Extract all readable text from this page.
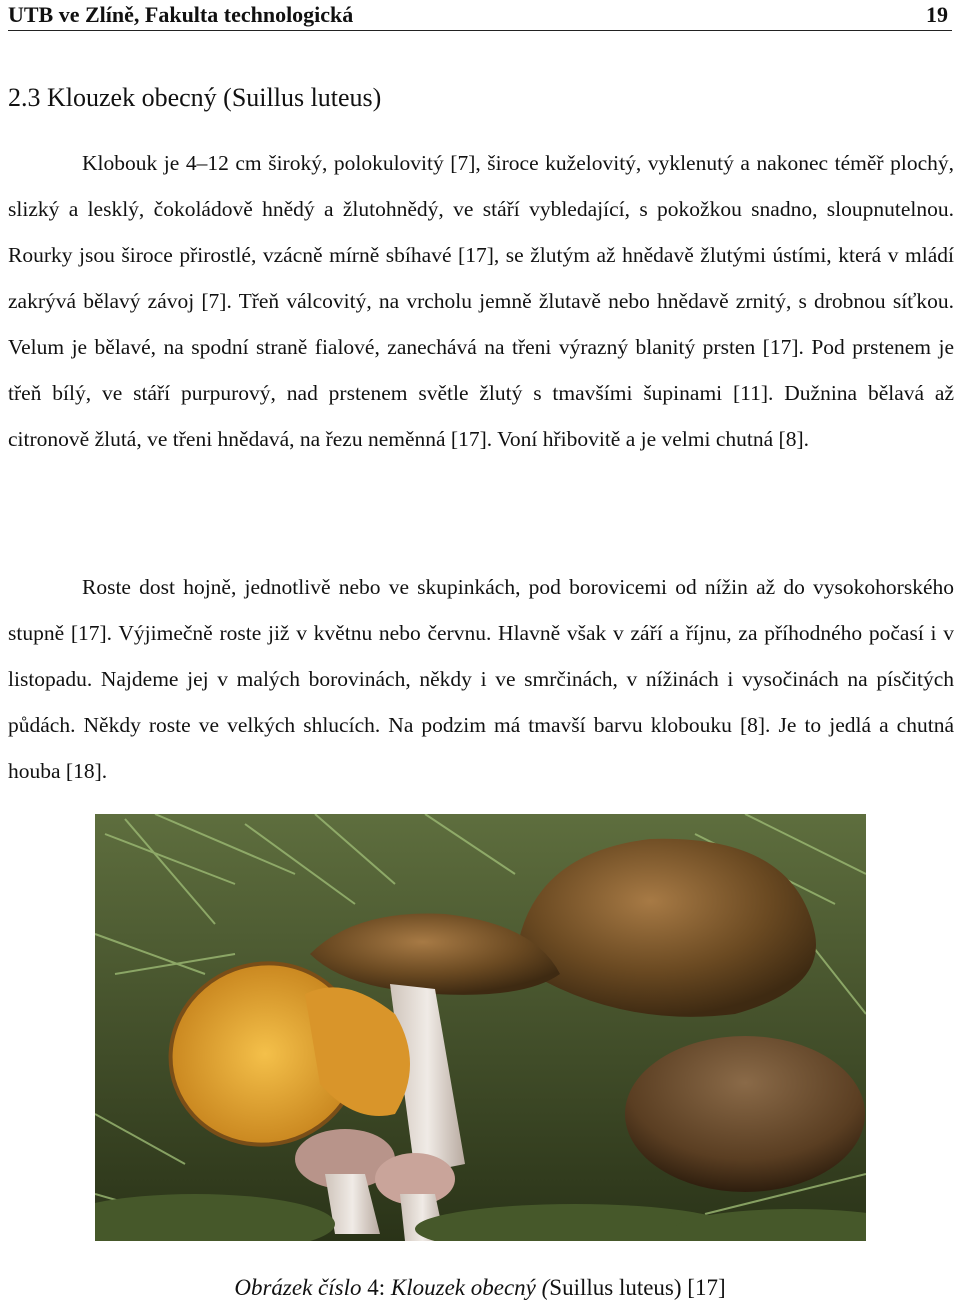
UTB ve Zlíně, Fakulta technologická	19
2.3 Klouzek obecný (Suillus luteus)

Klobouk je 4–12 cm široký, polokulovitý [7], široce kuželovitý, vyklenutý a nakonec téměř plochý, slizký a lesklý, čokoládově hnědý a žlutohnědý, ve stáří vybledající, s pokožkou snadno, sloupnutelnou. Rourky jsou široce přirostlé, vzácně mírně sbíhavé [17], se žlutým až hnědavě žlutými ústími, která v mládí zakrývá bělavý závoj [7]. Třeň válcovitý, na vrcholu jemně žlutavě nebo hnědavě zrnitý, s drobnou síťkou. Velum je bělavé, na spodní straně fialové, zanechává na třeni výrazný blanitý prsten [17]. Pod prstenem je třeň bílý, ve stáří purpurový, nad prstenem světle žlutý s tmavšími šupinami [11]. Dužnina bělavá až citronově žlutá, ve třeni hnědavá, na řezu neměnná [17]. Voní hřibovitě a je velmi chutná [8].

Roste dost hojně, jednotlivě nebo ve skupinkách, pod borovicemi od nížin až do vysokohorského stupně [17]. Výjimečně roste již v květnu nebo červnu. Hlavně však v září a říjnu, za příhodného počasí i v listopadu. Najdeme jej v malých borovinách, někdy i ve smrčinách, v nížinách i vysočinách na písčitých půdách. Někdy roste ve velkých shlucích. Na podzim má tmavší barvu klobouku [8]. Je to jedlá a chutná houba [18].

Obrázek číslo 4: Klouzek obecný (Suillus luteus) [17]
